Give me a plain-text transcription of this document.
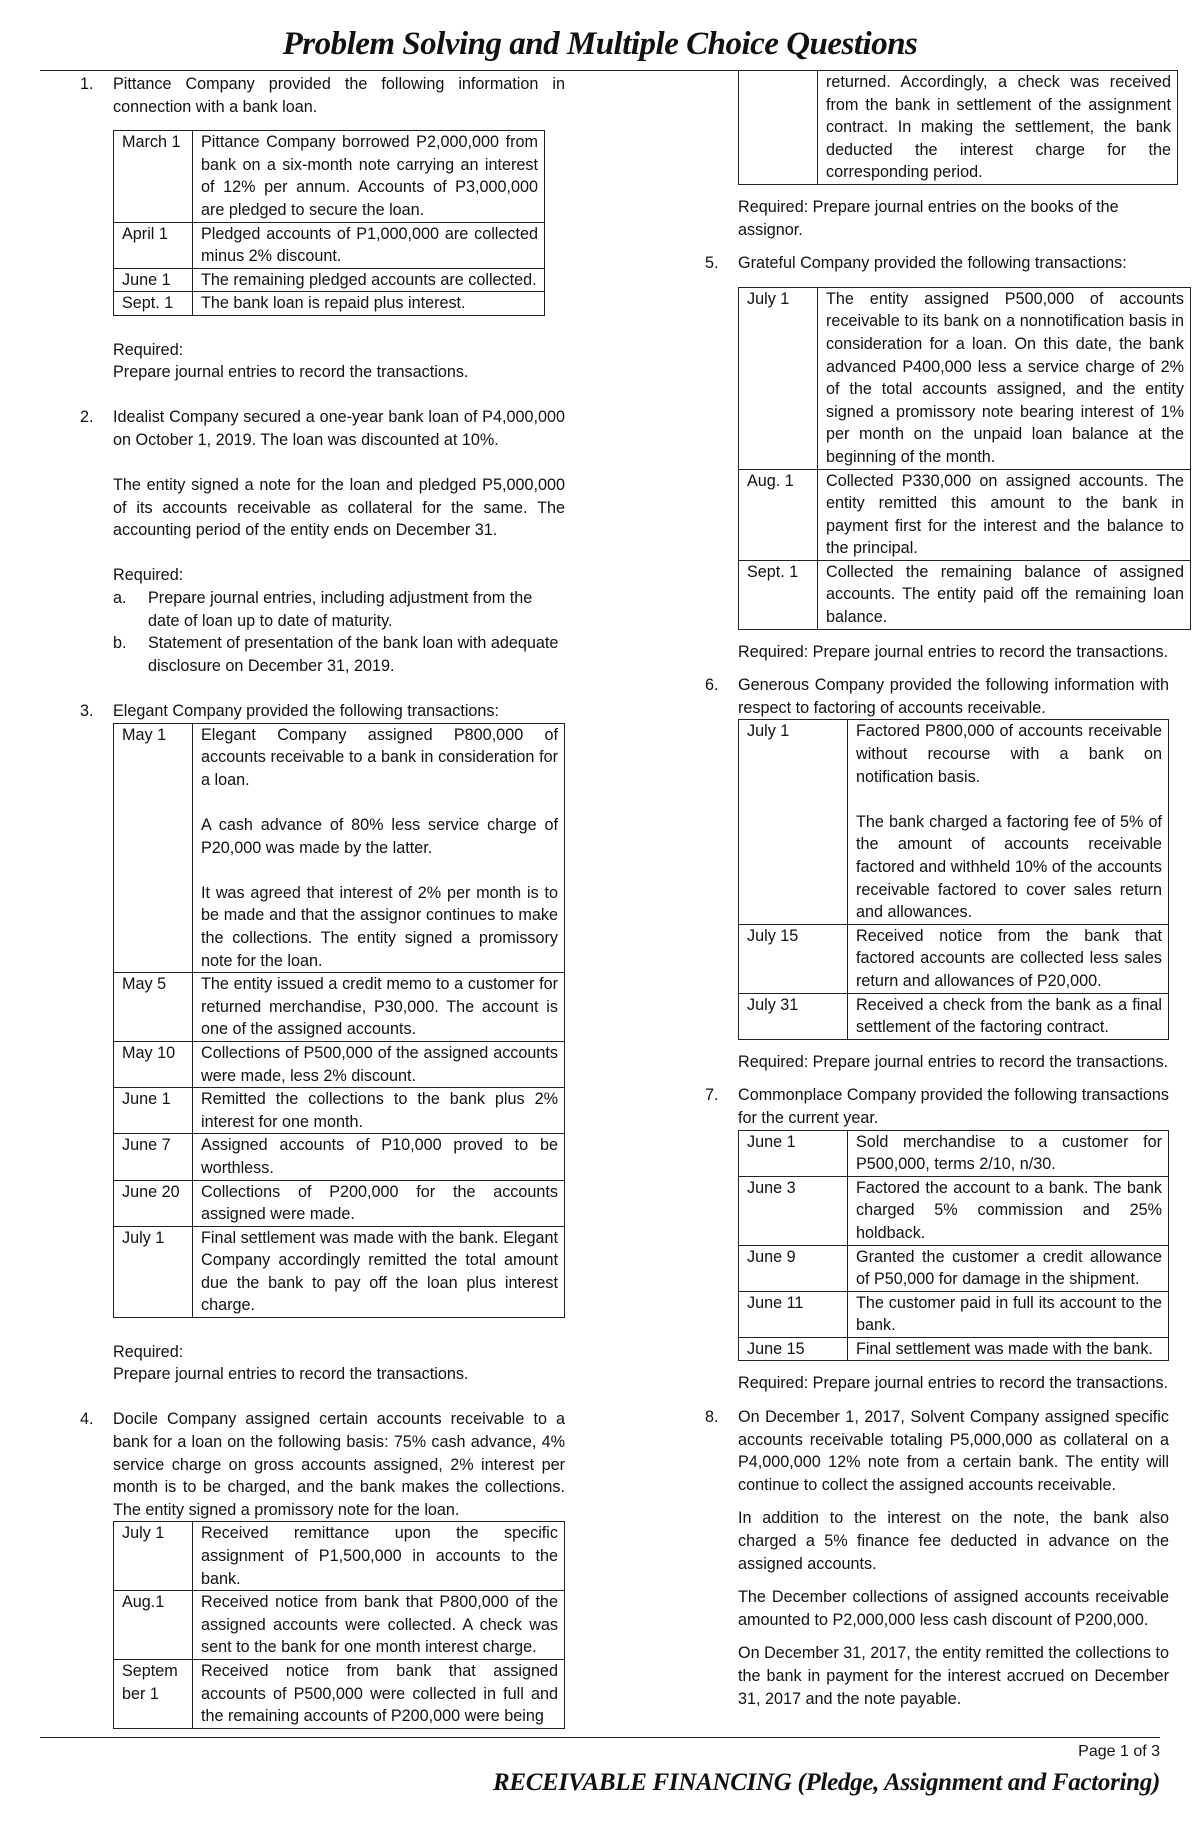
Problem Solving and Multiple Choice Questions
1.	Pittance Company provided the following information in connection with a bank loan.

March 1	Pittance Company borrowed P2,000,000 from bank on a six-month note carrying an interest of 12% per annum. Accounts of P3,000,000 are pledged to secure the loan.
April 1	Pledged accounts of P1,000,000 are collected minus 2% discount.
June 1	The remaining pledged accounts are collected.
Sept. 1	The bank loan is repaid plus interest.

Required:

Prepare journal entries to record the transactions.

2.	Idealist Company secured a one-year bank loan of P4,000,000 on October 1, 2019. The loan was discounted at 10%.

The entity signed a note for the loan and pledged P5,000,000 of its accounts receivable as collateral for the same. The accounting period of the entity ends on December 31.

Required:

a.	Prepare journal entries, including adjustment from the date of loan up to date of maturity.
b.	Statement of presentation of the bank loan with adequate disclosure on December 31, 2019.
3.	Elegant Company provided the following transactions:

May 1	Elegant Company assigned P800,000 of accounts receivable to a bank in consideration for a loan.

A cash advance of 80% less service charge of P20,000 was made by the latter.

It was agreed that interest of 2% per month is to be made and that the assignor continues to make the collections. The entity signed a promissory note for the loan.

May 5	The entity issued a credit memo to a customer for returned merchandise, P30,000. The account is one of the assigned accounts.
May 10	Collections of P500,000 of the assigned accounts were made, less 2% discount.
June 1	Remitted the collections to the bank plus 2% interest for one month.
June 7	Assigned accounts of P10,000 proved to be worthless.
June 20	Collections of P200,000 for the accounts assigned were made.
July 1	Final settlement was made with the bank. Elegant Company accordingly remitted the total amount due the bank to pay off the loan plus interest charge.

Required:

Prepare journal entries to record the transactions.

4.	Docile Company assigned certain accounts receivable to a bank for a loan on the following basis: 75% cash advance, 4% service charge on gross accounts assigned, 2% interest per month is to be charged, and the bank makes the collections. The entity signed a promissory note for the loan.

July 1	Received remittance upon the specific assignment of P1,500,000 in accounts to the bank.
Aug.1	Received notice from bank that P800,000 of the assigned accounts were collected. A check was sent to the bank for one month interest charge.
Septem ber 1	Received notice from bank that assigned accounts of P500,000 were collected in full and the remaining accounts of P200,000 were being
	returned. Accordingly, a check was received from the bank in settlement of the assignment contract. In making the settlement, the bank deducted the interest charge for the corresponding period.

Required: Prepare journal entries on the books of the assignor.

5.	Grateful Company provided the following transactions:

July 1	The entity assigned P500,000 of accounts receivable to its bank on a nonnotification basis in consideration for a loan. On this date, the bank advanced P400,000 less a service charge of 2% of the total accounts assigned, and the entity signed a promissory note bearing interest of 1% per month on the unpaid loan balance at the beginning of the month.
Aug. 1	Collected P330,000 on assigned accounts. The entity remitted this amount to the bank in payment first for the interest and the balance to the principal.
Sept. 1	Collected the remaining balance of assigned accounts. The entity paid off the remaining loan balance.

Required: Prepare journal entries to record the transactions.

6.	Generous Company provided the following information with respect to factoring of accounts receivable.

July 1	Factored P800,000 of accounts receivable without recourse with a bank on notification basis.

The bank charged a factoring fee of 5% of the amount of accounts receivable factored and withheld 10% of the accounts receivable factored to cover sales return and allowances.

July 15	Received notice from the bank that factored accounts are collected less sales return and allowances of P20,000.
July 31	Received a check from the bank as a final settlement of the factoring contract.

Required: Prepare journal entries to record the transactions.

7.	Commonplace Company provided the following transactions for the current year.

June 1	Sold merchandise to a customer for P500,000, terms 2/10, n/30.
June 3	Factored the account to a bank. The bank charged 5% commission and 25% holdback.
June 9	Granted the customer a credit allowance of P50,000 for damage in the shipment.
June 11	The customer paid in full its account to the bank.
June 15	Final settlement was made with the bank.

Required: Prepare journal entries to record the transactions.

8.	On December 1, 2017, Solvent Company assigned specific accounts receivable totaling P5,000,000 as collateral on a P4,000,000 12% note from a certain bank. The entity will continue to collect the assigned accounts receivable.

In addition to the interest on the note, the bank also charged a 5% finance fee deducted in advance on the assigned accounts.

The December collections of assigned accounts receivable amounted to P2,000,000 less cash discount of P200,000.

On December 31, 2017, the entity remitted the collections to the bank in payment for the interest accrued on December 31, 2017 and the note payable.

Page 1 of 3
RECEIVABLE FINANCING (Pledge, Assignment and Factoring)
